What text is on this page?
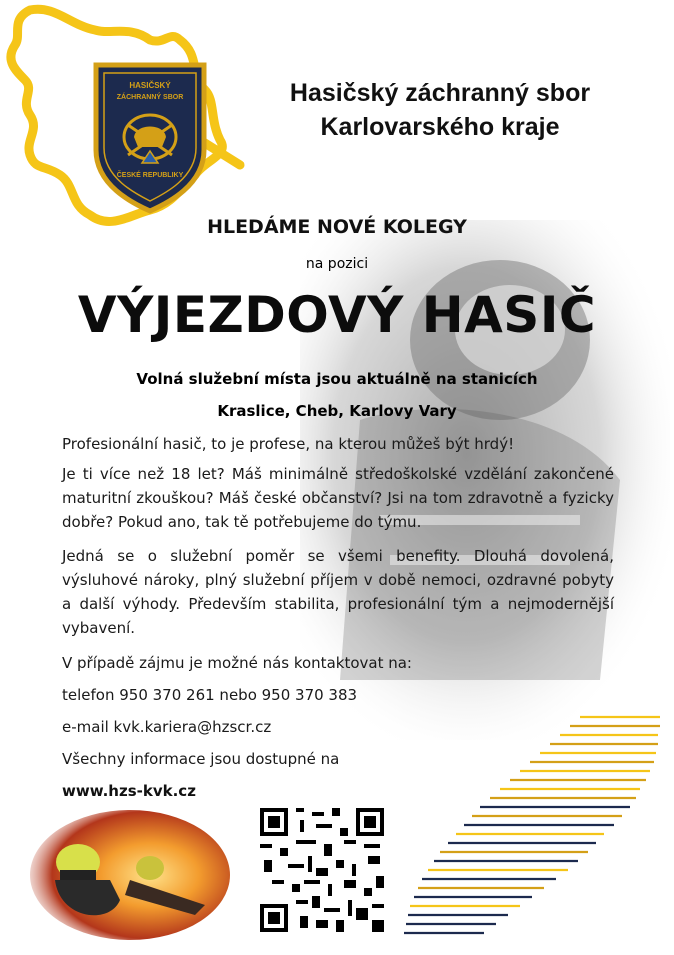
HASIČSKÝ
ZÁCHRANNÝ SBOR
ČESKÉ REPUBLIKY
Hasičský záchranný sbor
Karlovarského kraje
HLEDÁME NOVÉ KOLEGY
na pozici
VÝJEZDOVÝ HASIČ
Volná služební místa jsou aktuálně na stanicích
Kraslice, Cheb, Karlovy Vary

Profesionální hasič, to je profese, na kterou můžeš být hrdý!

Je ti více než 18 let? Máš minimálně středoškolské vzdělání zakončené maturitní zkouškou? Máš české občanství? Jsi na tom zdravotně a fyzicky dobře? Pokud ano, tak tě potřebujeme do týmu.

Jedná se o služební poměr se všemi benefity. Dlouhá dovolená, výsluhové nároky, plný služební příjem v době nemoci, ozdravné pobyty a další výhody. Především stabilita, profesionální tým a nejmodernější vybavení.

V případě zájmu je možné nás kontaktovat na:

telefon 950 370 261 nebo 950 370 383

e-mail kvk.kariera@hzscr.cz

Všechny informace jsou dostupné na

www.hzs-kvk.cz
